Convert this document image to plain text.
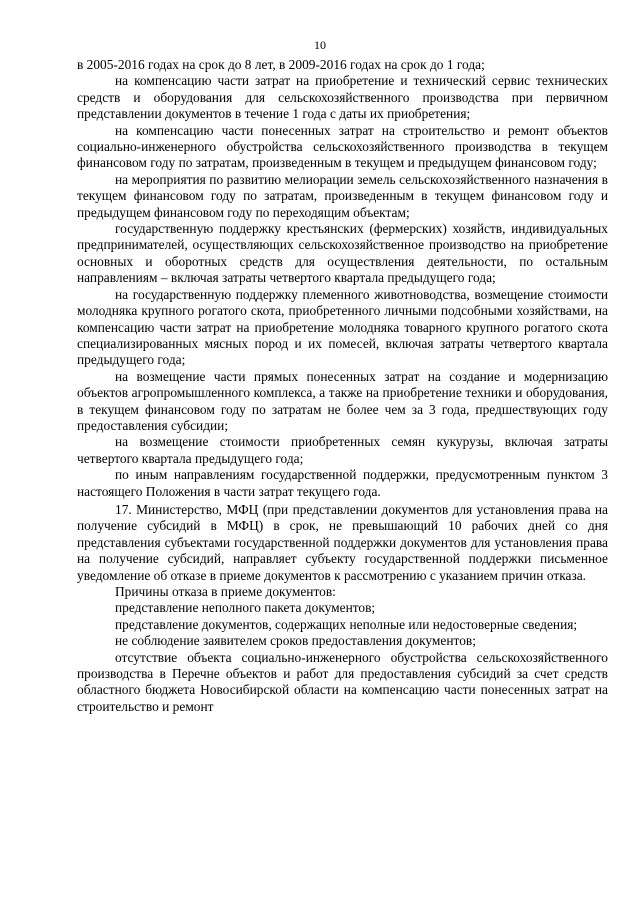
10

в 2005-2016 годах на срок до 8 лет, в 2009-2016 годах на срок до 1 года;

на компенсацию части затрат на приобретение и технический сервис технических средств и оборудования для сельскохозяйственного производства при первичном представлении документов в течение 1 года с даты их приобретения;

на компенсацию части понесенных затрат на строительство и ремонт объектов социально-инженерного обустройства сельскохозяйственного производства в текущем финансовом году по затратам, произведенным в текущем и предыдущем финансовом году;

на мероприятия по развитию мелиорации земель сельскохозяйственного назначения в текущем финансовом году по затратам, произведенным в текущем финансовом году и предыдущем финансовом году по переходящим объектам;

государственную поддержку крестьянских (фермерских) хозяйств, индивидуальных предпринимателей, осуществляющих сельскохозяйственное производство на приобретение основных и оборотных средств для осуществления деятельности, по остальным направлениям – включая затраты четвертого квартала предыдущего года;

на государственную поддержку племенного животноводства, возмещение стоимости молодняка крупного рогатого скота, приобретенного личными подсобными хозяйствами, на компенсацию части затрат на приобретение молодняка товарного крупного рогатого скота специализированных мясных пород и их помесей, включая затраты четвертого квартала предыдущего года;

на возмещение части прямых понесенных затрат на создание и модернизацию объектов агропромышленного комплекса, а также на приобретение техники и оборудования, в текущем финансовом году по затратам не более чем за 3 года, предшествующих году предоставления субсидии;

на возмещение стоимости приобретенных семян кукурузы, включая затраты четвертого квартала предыдущего года;

по иным направлениям государственной поддержки, предусмотренным пунктом 3 настоящего Положения в части затрат текущего года.

17. Министерство, МФЦ (при представлении документов для установления права на получение субсидий в МФЦ) в срок, не превышающий 10 рабочих дней со дня представления субъектами государственной поддержки документов для установления права на получение субсидий, направляет субъекту государственной поддержки письменное уведомление об отказе в приеме документов к рассмотрению с указанием причин отказа.

Причины отказа в приеме документов:

представление неполного пакета документов;

представление документов, содержащих неполные или недостоверные сведения;

не соблюдение заявителем сроков предоставления документов;

отсутствие объекта социально-инженерного обустройства сельскохозяйственного производства в Перечне объектов и работ для предоставления субсидий за счет средств областного бюджета Новосибирской области на компенсацию части понесенных затрат на строительство и ремонт
